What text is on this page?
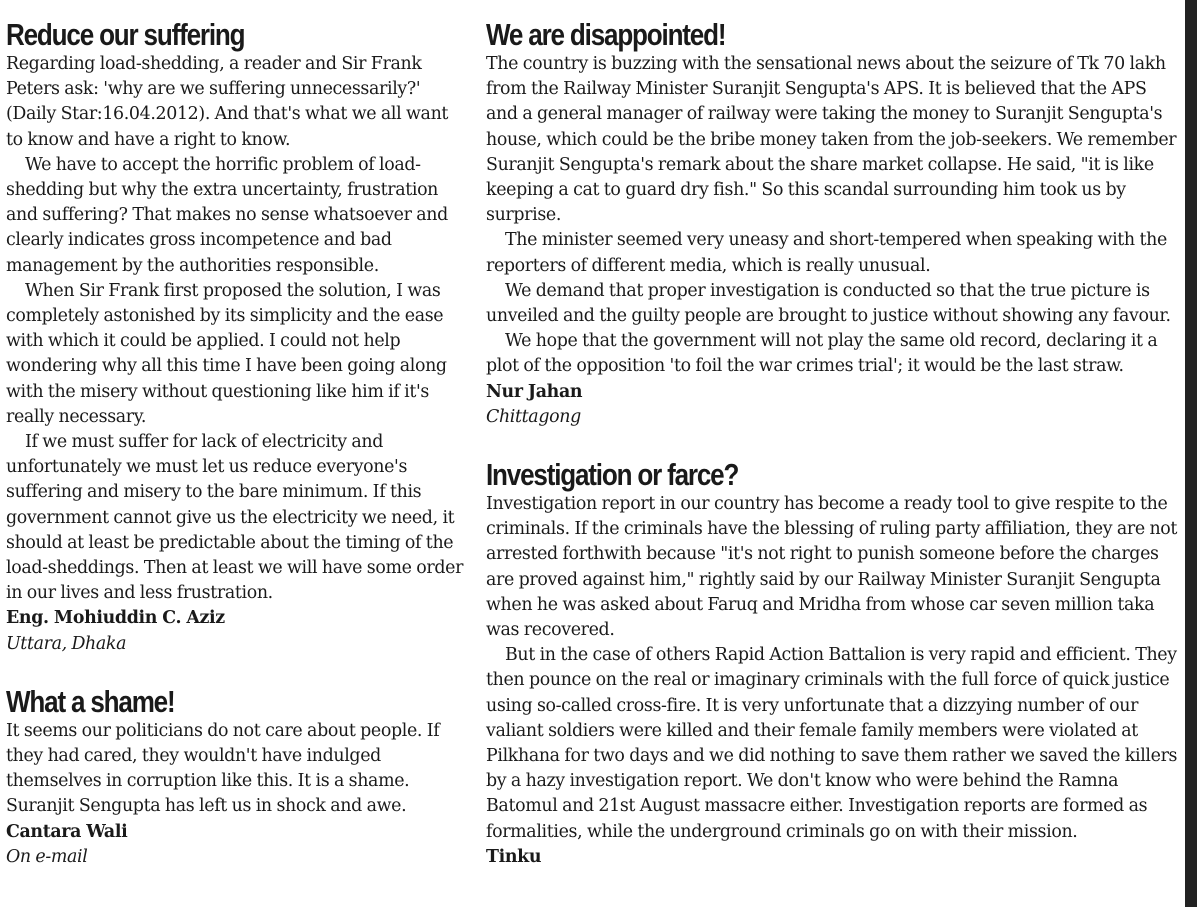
Reduce our suffering

Regarding load-shedding, a reader and Sir Frank Peters ask: 'why are we suffering unnecessarily?' (Daily Star:16.04.2012). And that's what we all want to know and have a right to know.

We have to accept the horrific problem of load-shedding but why the extra uncertainty, frustration and suffering? That makes no sense whatsoever and clearly indicates gross incompetence and bad management by the authorities responsible.

When Sir Frank first proposed the solution, I was completely astonished by its simplicity and the ease with which it could be applied. I could not help wondering why all this time I have been going along with the misery without questioning like him if it's really necessary.

If we must suffer for lack of electricity and unfortunately we must let us reduce everyone's suffering and misery to the bare minimum. If this government cannot give us the electricity we need, it should at least be predictable about the timing of the load-sheddings. Then at least we will have some order in our lives and less frustration.

Eng. Mohiuddin C. Aziz

Uttara, Dhaka

What a shame!

It seems our politicians do not care about people. If they had cared, they wouldn't have indulged themselves in corruption like this. It is a shame. Suranjit Sengupta has left us in shock and awe.

Cantara Wali

On e-mail

We are disappointed!

The country is buzzing with the sensational news about the seizure of Tk 70 lakh from the Railway Minister Suranjit Sengupta's APS. It is believed that the APS and a general manager of railway were taking the money to Suranjit Sengupta's house, which could be the bribe money taken from the job-seekers. We remember Suranjit Sengupta's remark about the share market collapse. He said, "it is like keeping a cat to guard dry fish." So this scandal surrounding him took us by surprise.

The minister seemed very uneasy and short-tempered when speaking with the reporters of different media, which is really unusual.

We demand that proper investigation is conducted so that the true picture is unveiled and the guilty people are brought to justice without showing any favour.

We hope that the government will not play the same old record, declaring it a plot of the opposition 'to foil the war crimes trial'; it would be the last straw.

Nur Jahan

Chittagong

Investigation or farce?

Investigation report in our country has become a ready tool to give respite to the criminals. If the criminals have the blessing of ruling party affiliation, they are not arrested forthwith because "it's not right to punish someone before the charges are proved against him," rightly said by our Railway Minister Suranjit Sengupta when he was asked about Faruq and Mridha from whose car seven million taka was recovered.

But in the case of others Rapid Action Battalion is very rapid and efficient. They then pounce on the real or imaginary criminals with the full force of quick justice using so-called cross-fire. It is very unfortunate that a dizzying number of our valiant soldiers were killed and their female family members were violated at Pilkhana for two days and we did nothing to save them rather we saved the killers by a hazy investigation report. We don't know who were behind the Ramna Batomul and 21st August massacre either. Investigation reports are formed as formalities, while the underground criminals go on with their mission.

Tinku
